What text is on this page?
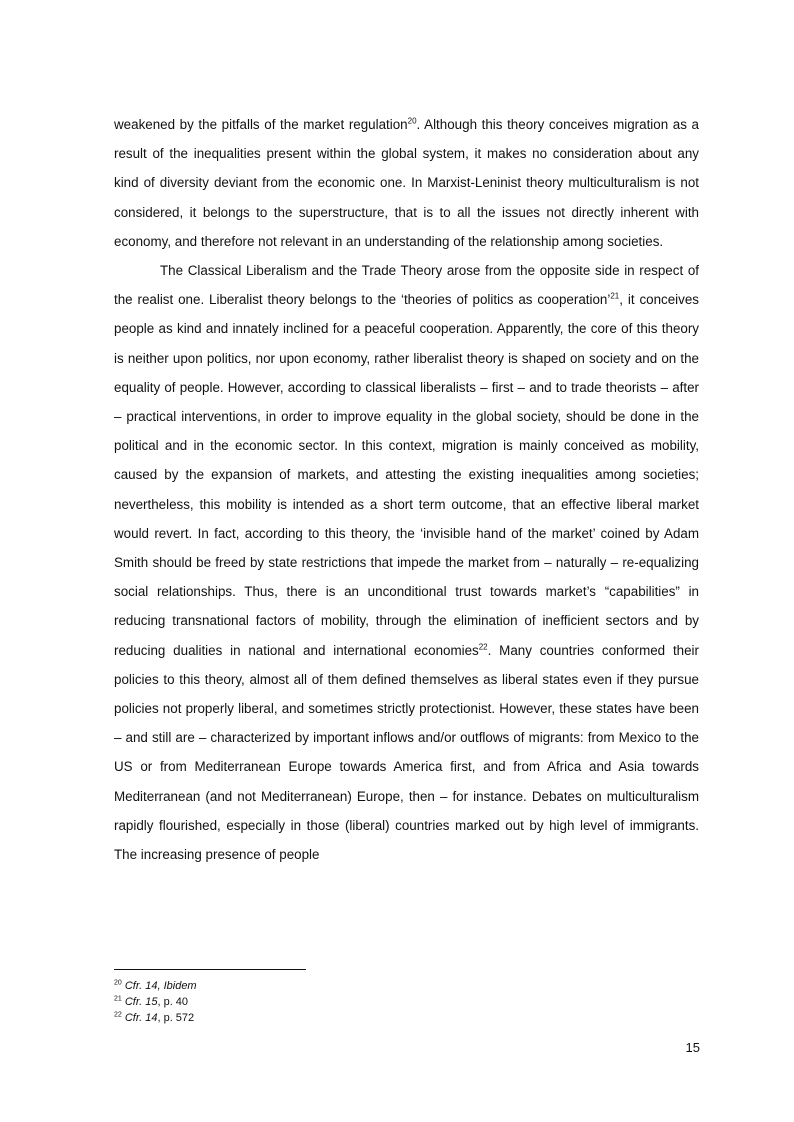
weakened by the pitfalls of the market regulation$^{20}$. Although this theory conceives migration as a result of the inequalities present within the global system, it makes no consideration about any kind of diversity deviant from the economic one. In Marxist-Leninist theory multiculturalism is not considered, it belongs to the superstructure, that is to all the issues not directly inherent with economy, and therefore not relevant in an understanding of the relationship among societies.

The Classical Liberalism and the Trade Theory arose from the opposite side in respect of the realist one. Liberalist theory belongs to the ‘theories of politics as cooperation’$^{21}$, it conceives people as kind and innately inclined for a peaceful cooperation. Apparently, the core of this theory is neither upon politics, nor upon economy, rather liberalist theory is shaped on society and on the equality of people. However, according to classical liberalists – first – and to trade theorists – after – practical interventions, in order to improve equality in the global society, should be done in the political and in the economic sector. In this context, migration is mainly conceived as mobility, caused by the expansion of markets, and attesting the existing inequalities among societies; nevertheless, this mobility is intended as a short term outcome, that an effective liberal market would revert. In fact, according to this theory, the ‘invisible hand of the market’ coined by Adam Smith should be freed by state restrictions that impede the market from – naturally – re-equalizing social relationships. Thus, there is an unconditional trust towards market’s “capabilities” in reducing transnational factors of mobility, through the elimination of inefficient sectors and by reducing dualities in national and international economies$^{22}$. Many countries conformed their policies to this theory, almost all of them defined themselves as liberal states even if they pursue policies not properly liberal, and sometimes strictly protectionist. However, these states have been – and still are – characterized by important inflows and/or outflows of migrants: from Mexico to the US or from Mediterranean Europe towards America first, and from Africa and Asia towards Mediterranean (and not Mediterranean) Europe, then – for instance. Debates on multiculturalism rapidly flourished, especially in those (liberal) countries marked out by high level of immigrants. The increasing presence of people

$^{20}$ Cfr. 14, Ibidem
$^{21}$ Cfr. 15, p. 40
$^{22}$ Cfr. 14, p. 572
15
